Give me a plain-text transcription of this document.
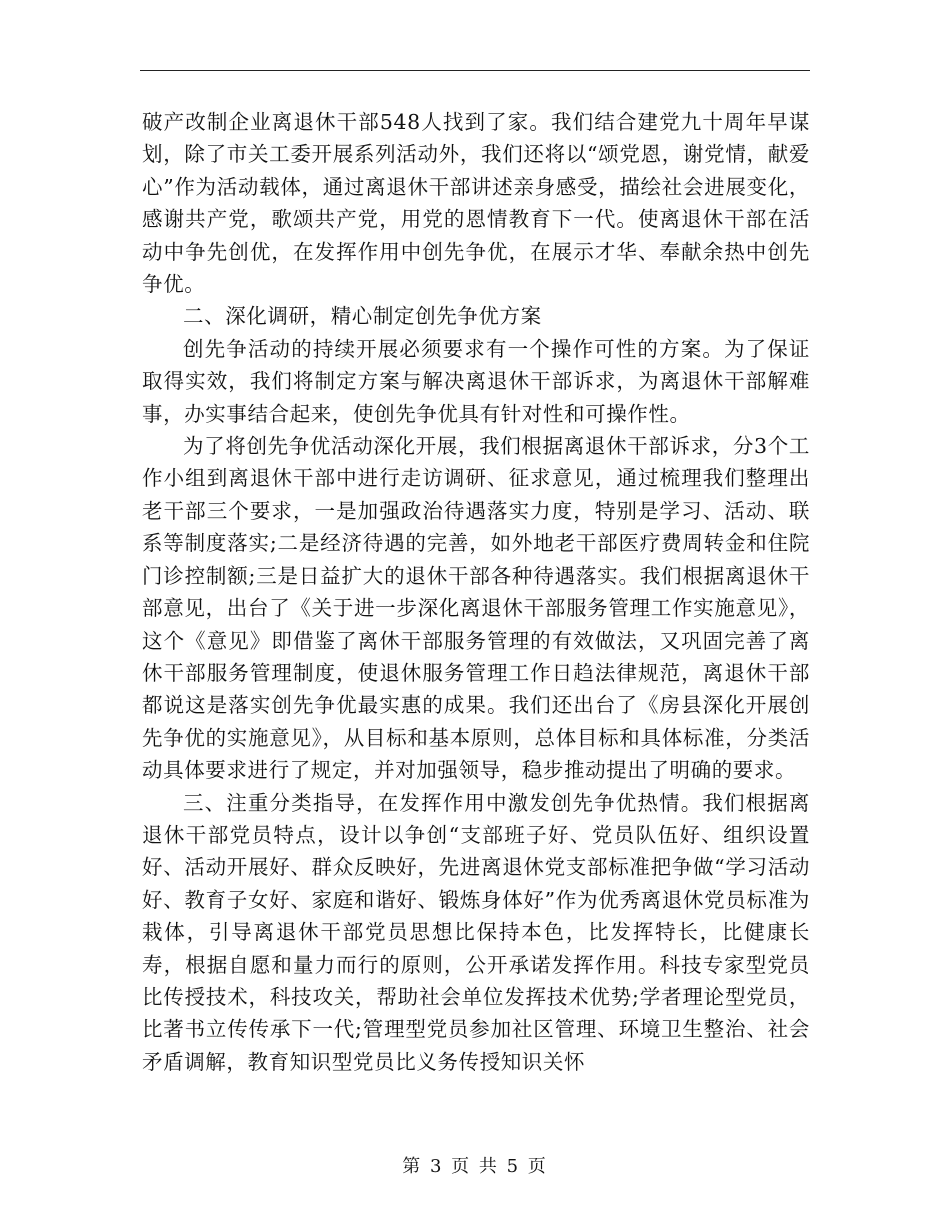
破产改制企业离退休干部548人找到了家。我们结合建党九十周年早谋划，除了市关工委开展系列活动外，我们还将以“颂党恩，谢党情，献爱心”作为活动载体，通过离退休干部讲述亲身感受，描绘社会进展变化，感谢共产党，歌颂共产党，用党的恩情教育下一代。使离退休干部在活动中争先创优，在发挥作用中创先争优，在展示才华、奉献余热中创先争优。

二、深化调研，精心制定创先争优方案

创先争活动的持续开展必须要求有一个操作可性的方案。为了保证取得实效，我们将制定方案与解决离退休干部诉求，为离退休干部解难事，办实事结合起来，使创先争优具有针对性和可操作性。

为了将创先争优活动深化开展，我们根据离退休干部诉求，分3个工作小组到离退休干部中进行走访调研、征求意见，通过梳理我们整理出老干部三个要求，一是加强政治待遇落实力度，特别是学习、活动、联系等制度落实;二是经济待遇的完善，如外地老干部医疗费周转金和住院门诊控制额;三是日益扩大的退休干部各种待遇落实。我们根据离退休干部意见，出台了《关于进一步深化离退休干部服务管理工作实施意见》，这个《意见》即借鉴了离休干部服务管理的有效做法，又巩固完善了离休干部服务管理制度，使退休服务管理工作日趋法律规范，离退休干部都说这是落实创先争优最实惠的成果。我们还出台了《房县深化开展创先争优的实施意见》，从目标和基本原则，总体目标和具体标准，分类活动具体要求进行了规定，并对加强领导，稳步推动提出了明确的要求。

三、注重分类指导，在发挥作用中激发创先争优热情。我们根据离退休干部党员特点，设计以争创“支部班子好、党员队伍好、组织设置好、活动开展好、群众反映好，先进离退休党支部标准把争做“学习活动好、教育子女好、家庭和谐好、锻炼身体好”作为优秀离退休党员标准为栽体，引导离退休干部党员思想比保持本色，比发挥特长，比健康长寿，根据自愿和量力而行的原则，公开承诺发挥作用。科技专家型党员比传授技术，科技攻关，帮助社会单位发挥技术优势;学者理论型党员，比著书立传传承下一代;管理型党员参加社区管理、环境卫生整治、社会矛盾调解，教育知识型党员比义务传授知识关怀

第 3 页 共 5 页
